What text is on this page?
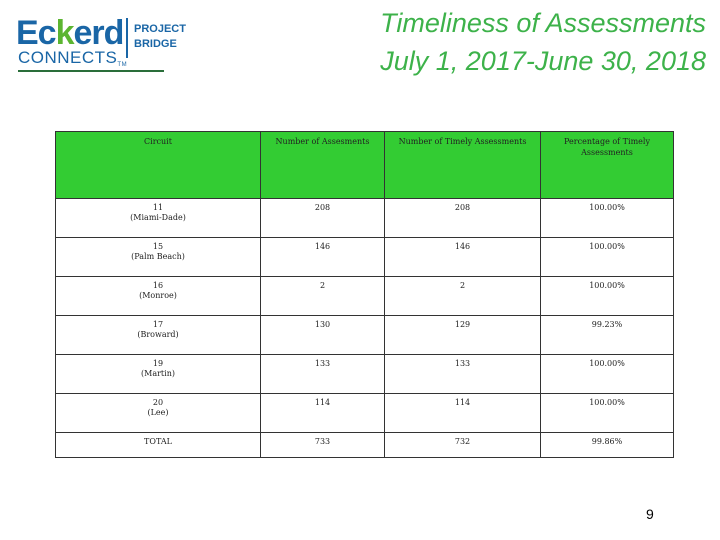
Eckerd
CONNECTSTM
PROJECT
BRIDGE
Timeliness of Assessments
July 1, 2017-June 30, 2018
Circuit	Number of Assesments	Number of Timely Assessments	Percentage of Timely Assessments

11
(Miami-Dade)	208	208	100.00%

15
(Palm Beach)	146	146	100.00%

16
(Monroe)	2	2	100.00%

17
(Broward)	130	129	99.23%

19
(Martin)	133	133	100.00%

20
(Lee)	114	114	100.00%
TOTAL	733	732	99.86%
9
